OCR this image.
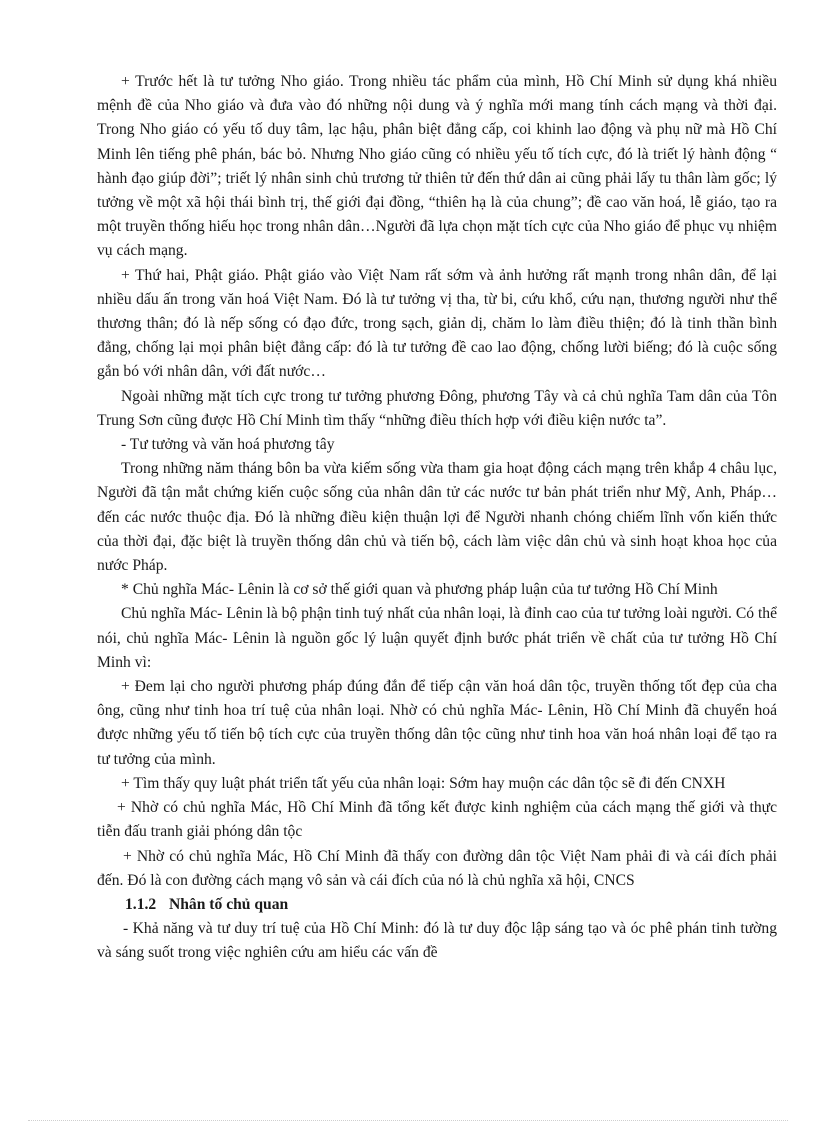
+ Trước hết là tư tưởng Nho giáo. Trong nhiều tác phẩm của mình, Hồ Chí Minh sử dụng khá nhiều mệnh đề của Nho giáo và đưa vào đó những nội dung và ý nghĩa mới mang tính cách mạng và thời đại. Trong Nho giáo có yếu tố duy tâm, lạc hậu, phân biệt đẳng cấp, coi khinh lao động và phụ nữ mà Hồ Chí Minh lên tiếng phê phán, bác bỏ. Nhưng Nho giáo cũng có nhiều yếu tố tích cực, đó là triết lý hành động “ hành đạo giúp đời”; triết lý nhân sinh chủ trương tử thiên tử đến thứ dân ai cũng phải lấy tu thân làm gốc; lý tưởng về một xã hội thái bình trị, thế giới đại đồng, “thiên hạ là của chung”; đề cao văn hoá, lễ giáo, tạo ra một truyền thống hiếu học trong nhân dân…Người đã lựa chọn mặt tích cực của Nho giáo để phục vụ nhiệm vụ cách mạng.

+ Thứ hai, Phật giáo. Phật giáo vào Việt Nam rất sớm và ảnh hưởng rất mạnh trong nhân dân, để lại nhiều dấu ấn trong văn hoá Việt Nam. Đó là tư tưởng vị tha, từ bi, cứu khổ, cứu nạn, thương người như thể thương thân; đó là nếp sống có đạo đức, trong sạch, giản dị, chăm lo làm điều thiện; đó là tinh thần bình đẳng, chống lại mọi phân biệt đẳng cấp: đó là tư tưởng đề cao lao động, chống lười biếng; đó là cuộc sống gắn bó với nhân dân, với đất nước…

Ngoài những mặt tích cực trong tư tưởng phương Đông, phương Tây và cả chủ nghĩa Tam dân của Tôn Trung Sơn cũng được Hồ Chí Minh tìm thấy “những điều thích hợp với điều kiện nước ta”.

- Tư tưởng và văn hoá phương tây

Trong những năm tháng bôn ba vừa kiếm sống vừa tham gia hoạt động cách mạng trên khắp 4 châu lục, Người đã tận mắt chứng kiến cuộc sống của nhân dân tử các nước tư bản phát triển như Mỹ, Anh, Pháp… đến các nước thuộc địa. Đó là những điều kiện thuận lợi để Người nhanh chóng chiếm lĩnh vốn kiến thức của thời đại, đặc biệt là truyền thống dân chủ và tiến bộ, cách làm việc dân chủ và sinh hoạt khoa học của nước Pháp.

* Chủ nghĩa Mác- Lênin là cơ sở thế giới quan và phương pháp luận của tư tưởng Hồ Chí Minh

Chủ nghĩa Mác- Lênin là bộ phận tinh tuý nhất của nhân loại, là đỉnh cao của tư tưởng loài người. Có thể nói, chủ nghĩa Mác- Lênin là nguồn gốc lý luận quyết định bước phát triển về chất của tư tưởng Hồ Chí Minh vì:

+ Đem lại cho người phương pháp đúng đắn để tiếp cận văn hoá dân tộc, truyền thống tốt đẹp của cha ông, cũng như tinh hoa trí tuệ của nhân loại. Nhờ có chủ nghĩa Mác- Lênin, Hồ Chí Minh đã chuyển hoá được những yếu tố tiến bộ tích cực của truyền thống dân tộc cũng như tinh hoa văn hoá nhân loại để tạo ra tư tưởng của mình.

+ Tìm thấy quy luật phát triển tất yếu của nhân loại: Sớm hay muộn các dân tộc sẽ đi đến CNXH

+ Nhờ có chủ nghĩa Mác, Hồ Chí Minh đã tổng kết được kinh nghiệm của cách mạng thế giới và thực tiễn đấu tranh giải phóng dân tộc

+ Nhờ có chủ nghĩa Mác, Hồ Chí Minh đã thấy con đường dân tộc Việt Nam phải đi và cái đích phải đến. Đó là con đường cách mạng vô sản và cái đích của nó là chủ nghĩa xã hội, CNCS

1.1.2 Nhân tố chủ quan

- Khả năng và tư duy trí tuệ của Hồ Chí Minh: đó là tư duy độc lập sáng tạo và óc phê phán tinh tường và sáng suốt trong việc nghiên cứu am hiểu các vấn đề
